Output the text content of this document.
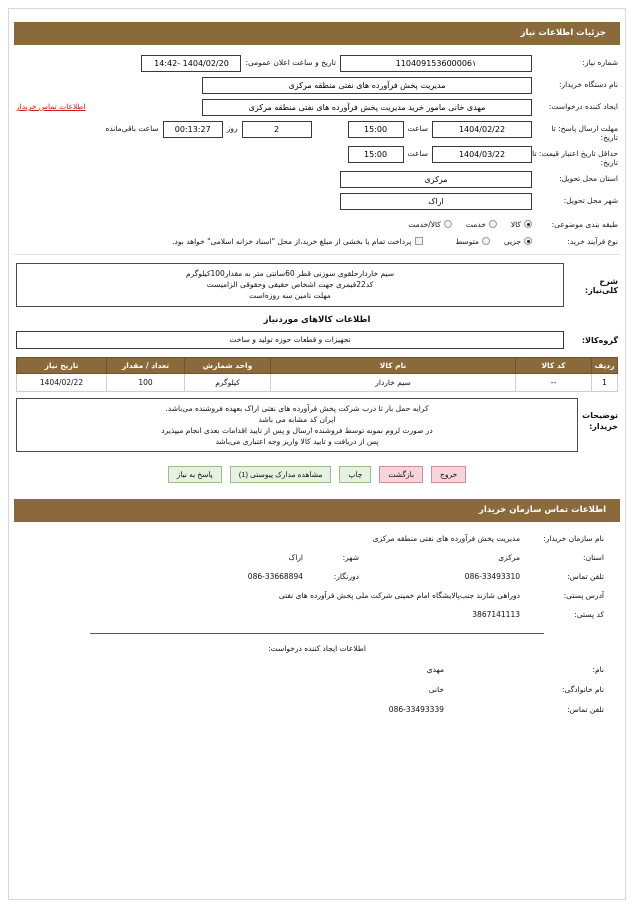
جزئیات اطلاعات نیاز
شماره نیاز:
110409153600006۱
تاریخ و ساعت اعلان عمومی:
1404/02/20 -14:42
نام دستگاه خریدار:
مدیریت پخش فرآورده های نفتی منطقه مرکزی
ایجاد کننده درخواست:
مهدی خانی مامور خرید مدیریت پخش فرآورده های نفتی منطقه مرکزی
اطلاعات تماس خریدار
مهلت ارسال پاسخ: تا تاریخ:
1404/02/22
ساعت
15:00
2
روز
00:13:27
ساعت باقی‌مانده
حداقل تاریخ اعتبار قیمت: تا تاریخ:
1404/03/22
ساعت
15:00
استان محل تحویل:
مرکزی
شهر محل تحویل:
اراک
طبقه بندی موضوعی:
کالا
خدمت
کالا/خدمت
نوع فرآیند خرید:
جزیی
متوسط
پرداخت تمام یا بخشی از مبلغ خرید،از محل "اسناد خزانه اسلامی" خواهد بود.
شرح کلی‌نیاز:
سیم خاردارحلقوی سوزنی قطر 60سانتی متر به مقدار100کیلوگرم
کد22قیمری جهت اشخاص حقیقی وحقوقی الزامیست
مهلت تامین سه روزه‌است
اطلاعات کالاهای موردنیاز
گروه‌کالا:
تجهیزات و قطعات حوزه تولید و ساخت
ردیف	کد کالا	نام کالا	واحد شمارش	تعداد / مقدار	تاریخ نیاز
1	--	سیم خاردار	کیلوگرم	100	1404/02/22
توضیحات خریدار:
کرایه حمل بار تا درب شرکت پخش فرآورده های نفتی اراک بعهده فروشنده می‌باشد.
ایران کد مشابه می باشد
در صورت لزوم نمونه توسط فروشنده ارسال و پس از تایید اقدامات بعدی انجام میپذیرد
پس از دریافت و تایید کالا واریز وجه اعتباری می‌باشد
خروج
بازگشت
چاپ
مشاهده مدارک پیوستی (1)
پاسخ به نیاز
اطلاعات تماس سازمان خریدار
نام سازمان خریدار:
مدیریت پخش فرآورده های نفتی منطقه مرکزی
استان:
مرکزی
شهر:
اراک
تلفن تماس:
086-33493310
دورنگار:
086-33668894
آدرس پستی:
دوراهی شازند جنب‌پالایشگاه امام خمینی شرکت ملی پخش فرآورده های نفتی
کد پستی:
3867141113
اطلاعات ایجاد کننده درخواست:
نام:
مهدی
نام خانوادگی:
خانی
تلفن تماس:
086-33493339
